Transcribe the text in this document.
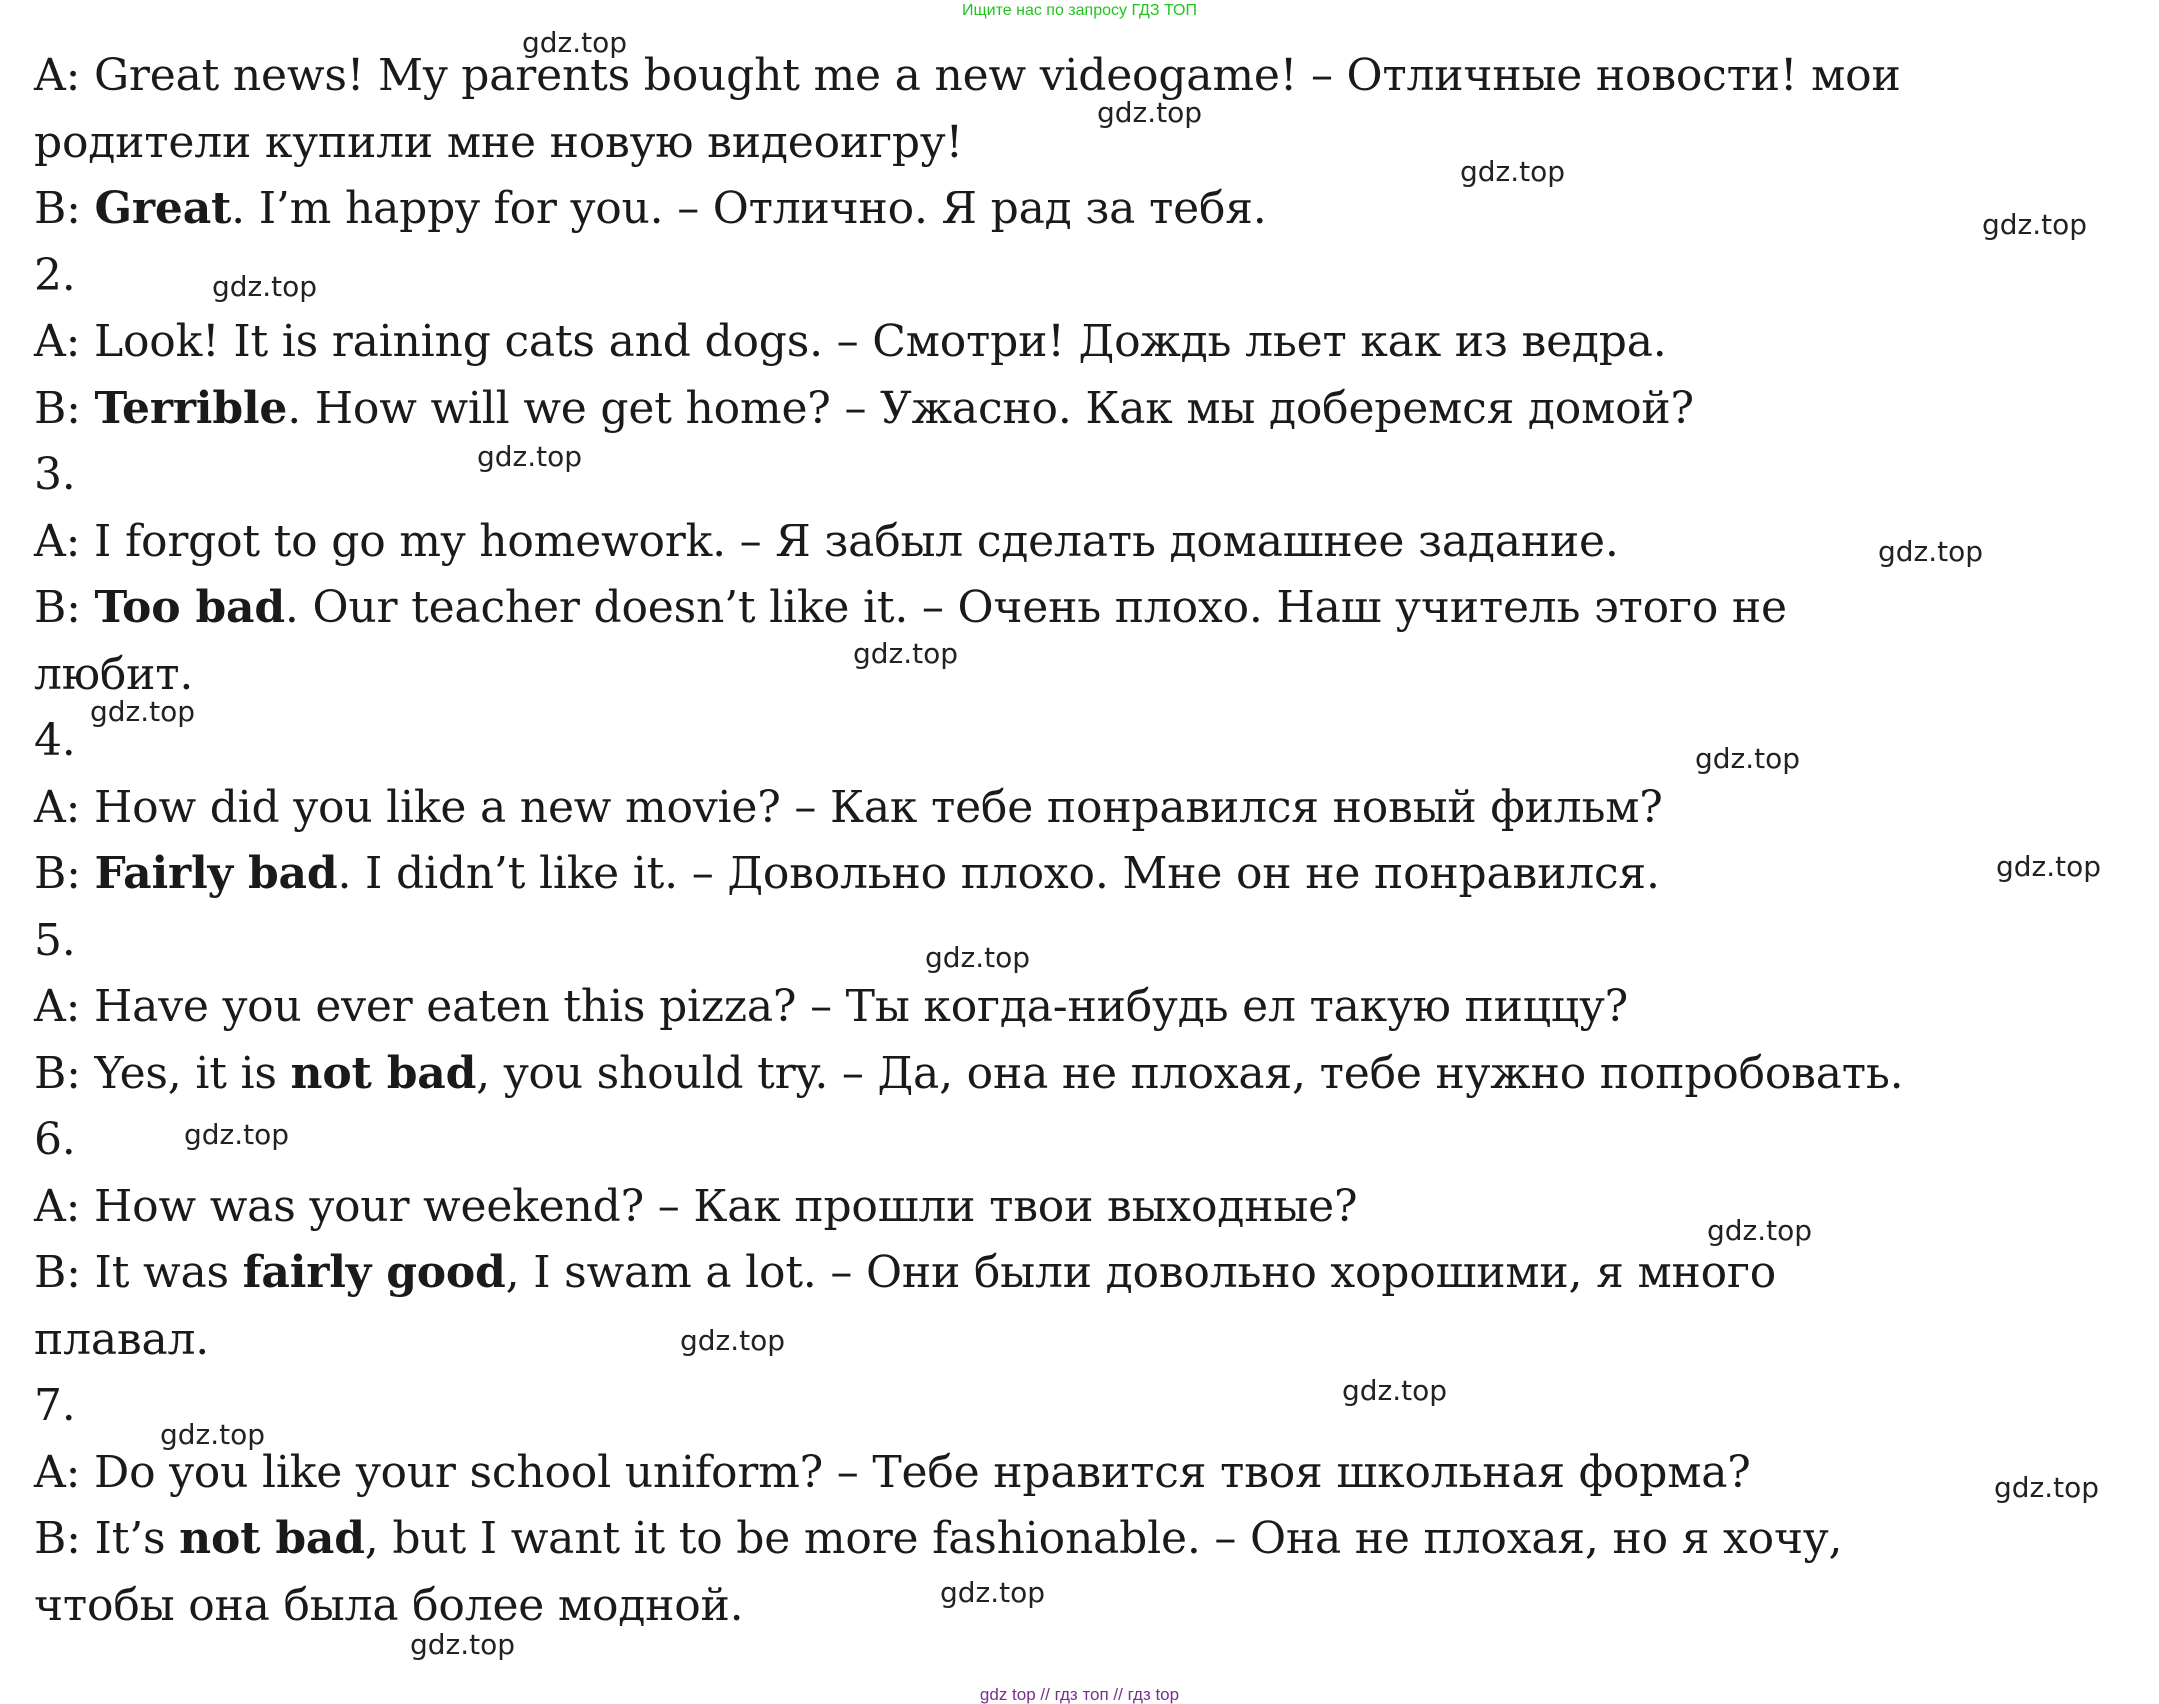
Ищите нас по запросу ГДЗ ТОП
A: Great news! My parents bought me a new videogame! – Отличные новости! мои
родители купили мне новую видеоигру!
B: Great. I’m happy for you. – Отлично. Я рад за тебя.
2.
A: Look! It is raining cats and dogs. – Смотри! Дождь льет как из ведра.
B: Terrible. How will we get home? – Ужасно. Как мы доберемся домой?
3.
A: I forgot to go my homework. – Я забыл сделать домашнее задание.
B: Too bad. Our teacher doesn’t like it. – Очень плохо. Наш учитель этого не
любит.
4.
A: How did you like a new movie? – Как тебе понравился новый фильм?
B: Fairly bad. I didn’t like it. – Довольно плохо. Мне он не понравился.
5.
A: Have you ever eaten this pizza? – Ты когда-нибудь ел такую пиццу?
B: Yes, it is not bad, you should try. – Да, она не плохая, тебе нужно попробовать.
6.
A: How was your weekend? – Как прошли твои выходные?
B: It was fairly good, I swam a lot. – Они были довольно хорошими, я много
плавал.
7.
A: Do you like your school uniform? – Тебе нравится твоя школьная форма?
B: It’s not bad, but I want it to be more fashionable. – Она не плохая, но я хочу,
чтобы она была более модной.
gdz.top
gdz.top
gdz.top
gdz.top
gdz.top
gdz.top
gdz.top
gdz.top
gdz.top
gdz.top
gdz.top
gdz.top
gdz.top
gdz.top
gdz.top
gdz.top
gdz.top
gdz.top
gdz.top
gdz.top
gdz top // гдз топ // гдз top
